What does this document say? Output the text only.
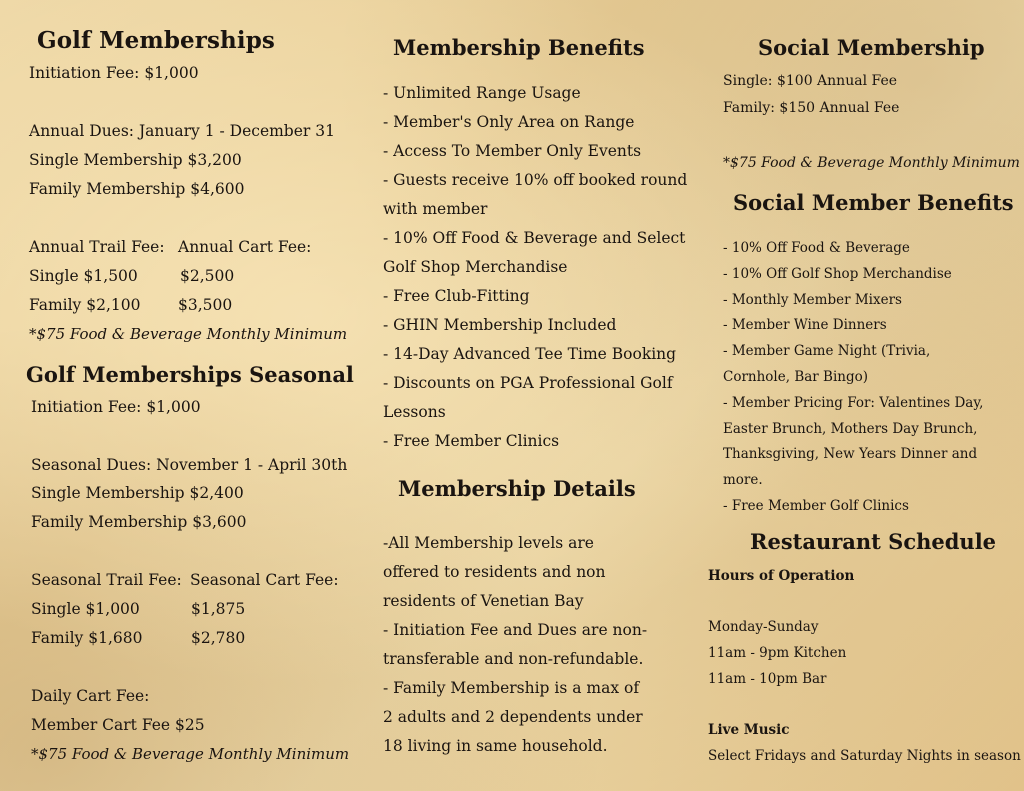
Golf Memberships
Initiation Fee: $1,000
Annual Dues: January 1 - December 31
Single Membership $3,200
Family Membership $4,600
Annual Trail Fee: Annual Cart Fee:
Single $1,500	$2,500
Family $2,100 $3,500
*$75 Food & Beverage Monthly Minimum
Golf Memberships Seasonal
Initiation Fee: $1,000
Seasonal Dues: November 1 - April 30th
Single Membership $2,400
Family Membership $3,600
Seasonal Trail Fee: Seasonal Cart Fee:
Single $1,000	$1,875
Family $1,680	$2,780
Daily Cart Fee:
Member Cart Fee $25
*$75 Food & Beverage Monthly Minimum
Membership Benefits
- Unlimited Range Usage
- Member's Only Area on Range
- Access To Member Only Events
- Guests receive 10% off booked round
with member
- 10% Off Food & Beverage and Select
Golf Shop Merchandise
- Free Club-Fitting
- GHIN Membership Included
- 14-Day Advanced Tee Time Booking
- Discounts on PGA Professional Golf
Lessons
- Free Member Clinics
Membership Details
-All Membership levels are
offered to residents and non
residents of Venetian Bay
- Initiation Fee and Dues are non-
transferable and non-refundable.
- Family Membership is a max of
2 adults and 2 dependents under
18 living in same household.
Social Membership
Single: $100 Annual Fee
Family: $150 Annual Fee
*$75 Food & Beverage Monthly Minimum
Social Member Benefits
- 10% Off Food & Beverage
- 10% Off Golf Shop Merchandise
- Monthly Member Mixers
- Member Wine Dinners
- Member Game Night (Trivia,
Cornhole, Bar Bingo)
- Member Pricing For: Valentines Day,
Easter Brunch, Mothers Day Brunch,
Thanksgiving, New Years Dinner and
more.
- Free Member Golf Clinics
Restaurant Schedule
Hours of Operation
Monday-Sunday
11am - 9pm Kitchen
11am - 10pm Bar
Live Music
Select Fridays and Saturday Nights in season
